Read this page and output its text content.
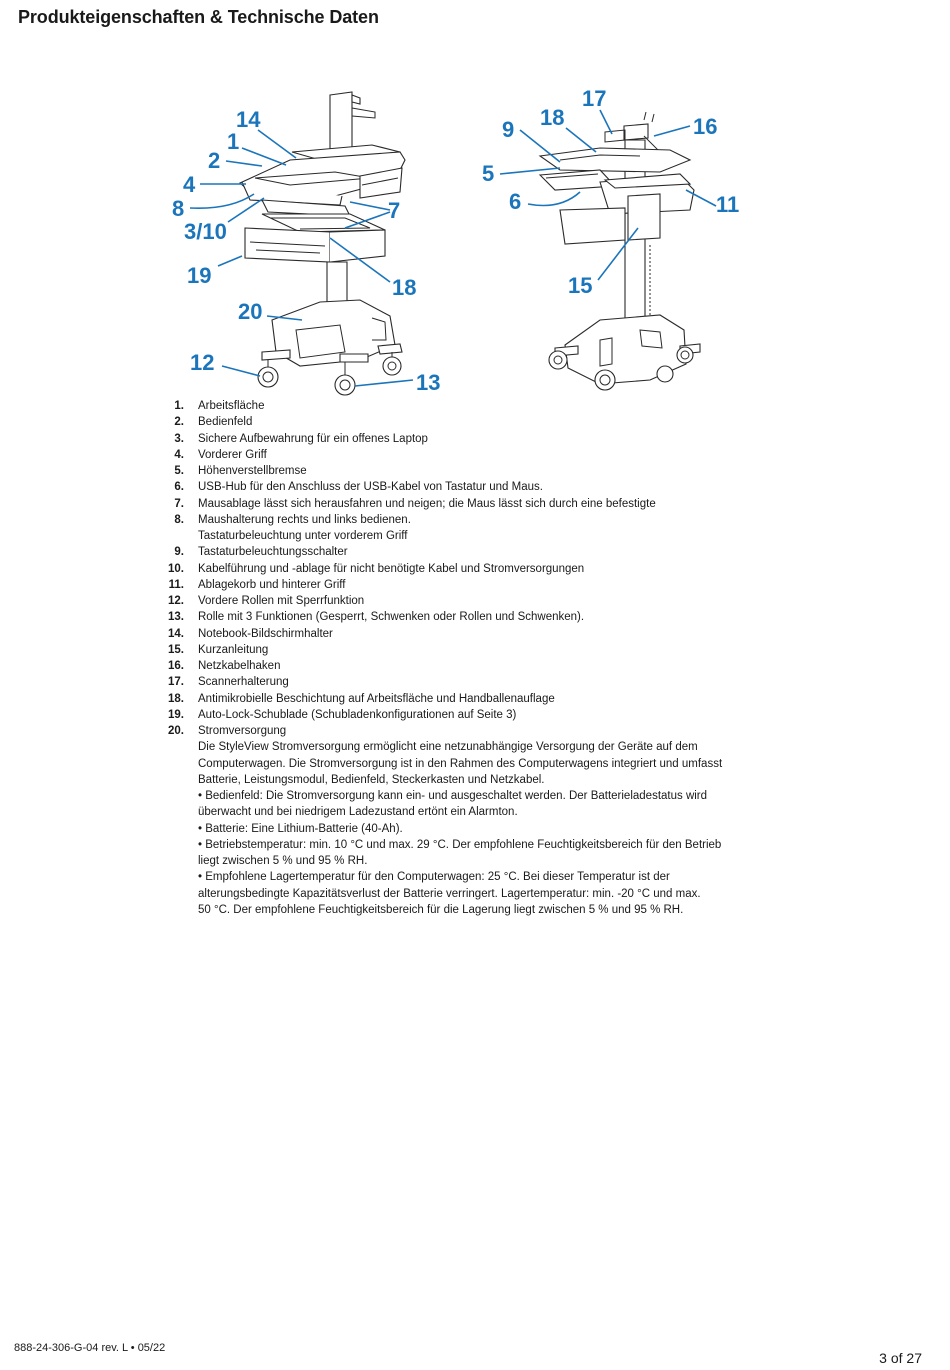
Produkteigenschaften & Technische Daten
14
1
2
4
8
3/10
7
19	18
20
12
13
17
18
9	16
5
6	11
15
1. Arbeitsfläche
2. Bedienfeld
3. Sichere Aufbewahrung für ein offenes Laptop
4. Vorderer Griff
5. Höhenverstellbremse
6. USB-Hub für den Anschluss der USB-Kabel von Tastatur und Maus.
7. Mausablage lässt sich herausfahren und neigen; die Maus lässt sich durch eine befestigte
8. Maushalterung rechts und links bedienen.
Tastaturbeleuchtung unter vorderem Griff
9. Tastaturbeleuchtungsschalter
10. Kabelführung und -ablage für nicht benötigte Kabel und Stromversorgungen
11. Ablagekorb und hinterer Griff
12. Vordere Rollen mit Sperrfunktion
13. Rolle mit 3 Funktionen (Gesperrt, Schwenken oder Rollen und Schwenken).
14. Notebook-Bildschirmhalter
15. Kurzanleitung
16. Netzkabelhaken
17. Scannerhalterung
18. Antimikrobielle Beschichtung auf Arbeitsfläche und Handballenauflage
19. Auto-Lock-Schublade (Schubladenkonfigurationen auf Seite 3)
20. Stromversorgung
Die StyleView Stromversorgung ermöglicht eine netzunabhängige Versorgung der Geräte auf dem
Computerwagen. Die Stromversorgung ist in den Rahmen des Computerwagens integriert und umfasst
Batterie, Leistungsmodul, Bedienfeld, Steckerkasten und Netzkabel.
• Bedienfeld: Die Stromversorgung kann ein- und ausgeschaltet werden. Der Batterieladestatus wird
überwacht und bei niedrigem Ladezustand ertönt ein Alarmton.
• Batterie: Eine Lithium-Batterie (40-Ah).
• Betriebstemperatur: min. 10 °C und max. 29 °C. Der empfohlene Feuchtigkeitsbereich für den Betrieb
liegt zwischen 5 % und 95 % RH.
• Empfohlene Lagertemperatur für den Computerwagen: 25 °C. Bei dieser Temperatur ist der
alterungsbedingte Kapazitätsverlust der Batterie verringert. Lagertemperatur: min. -20 °C und max.
50 °C. Der empfohlene Feuchtigkeitsbereich für die Lagerung liegt zwischen 5 % und 95 % RH.
888-24-306-G-04 rev. L • 05/22
3 of 27
